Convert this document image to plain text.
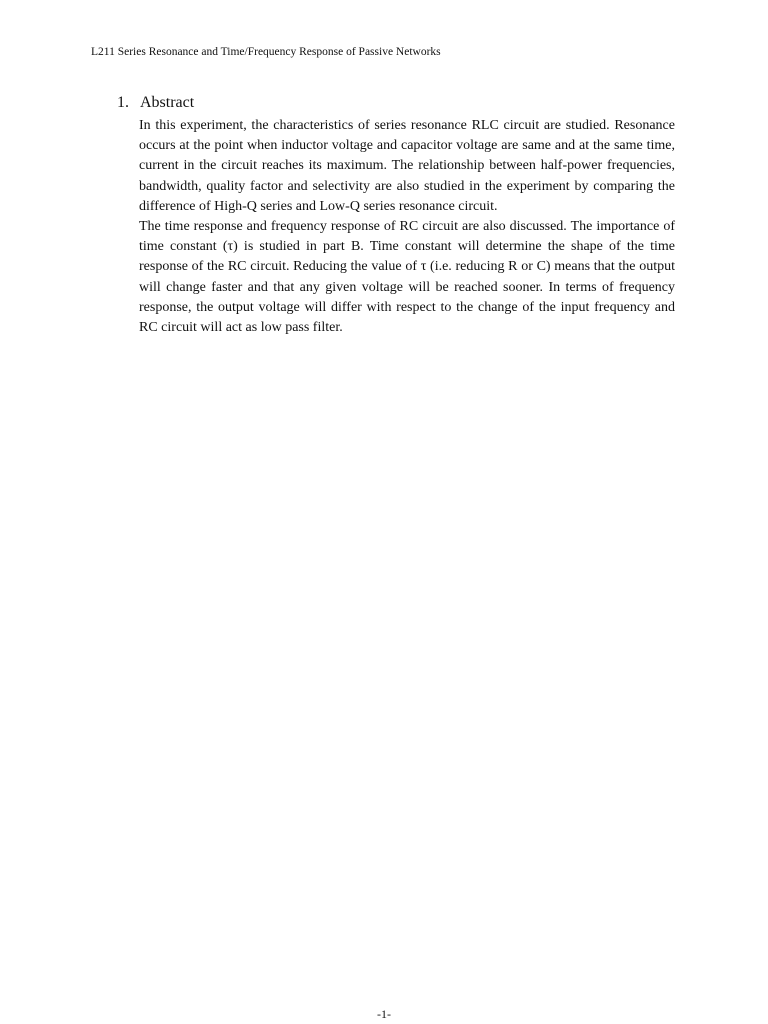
L211 Series Resonance and Time/Frequency Response of Passive Networks
1. Abstract

In this experiment, the characteristics of series resonance RLC circuit are studied. Resonance occurs at the point when inductor voltage and capacitor voltage are same and at the same time, current in the circuit reaches its maximum. The relationship between half-power frequencies, bandwidth, quality factor and selectivity are also studied in the experiment by comparing the difference of High-Q series and Low-Q series resonance circuit.

The time response and frequency response of RC circuit are also discussed. The importance of time constant (τ) is studied in part B. Time constant will determine the shape of the time response of the RC circuit. Reducing the value of τ (i.e. reducing R or C) means that the output will change faster and that any given voltage will be reached sooner. In terms of frequency response, the output voltage will differ with respect to the change of the input frequency and RC circuit will act as low pass filter.

-1-
